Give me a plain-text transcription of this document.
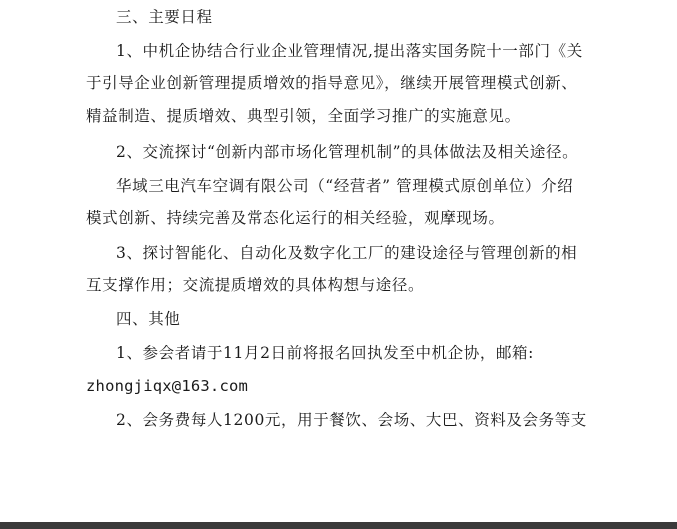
三、主要日程
1、中机企协结合行业企业管理情况,提出落实国务院十一部门《关
于引导企业创新管理提质增效的指导意见》，继续开展管理模式创新、
精益制造、提质增效、典型引领，全面学习推广的实施意见。
2、交流探讨“创新内部市场化管理机制”的具体做法及相关途径。
华域三电汽车空调有限公司（“经营者” 管理模式原创单位）介绍
模式创新、持续完善及常态化运行的相关经验，观摩现场。
3、探讨智能化、自动化及数字化工厂的建设途径与管理创新的相
互支撑作用；交流提质增效的具体构想与途径。
四、其他
1、参会者请于11月2日前将报名回执发至中机企协，邮箱:
zhongjiqx@163.com
2、会务费每人1200元，用于餐饮、会场、大巴、资料及会务等支
